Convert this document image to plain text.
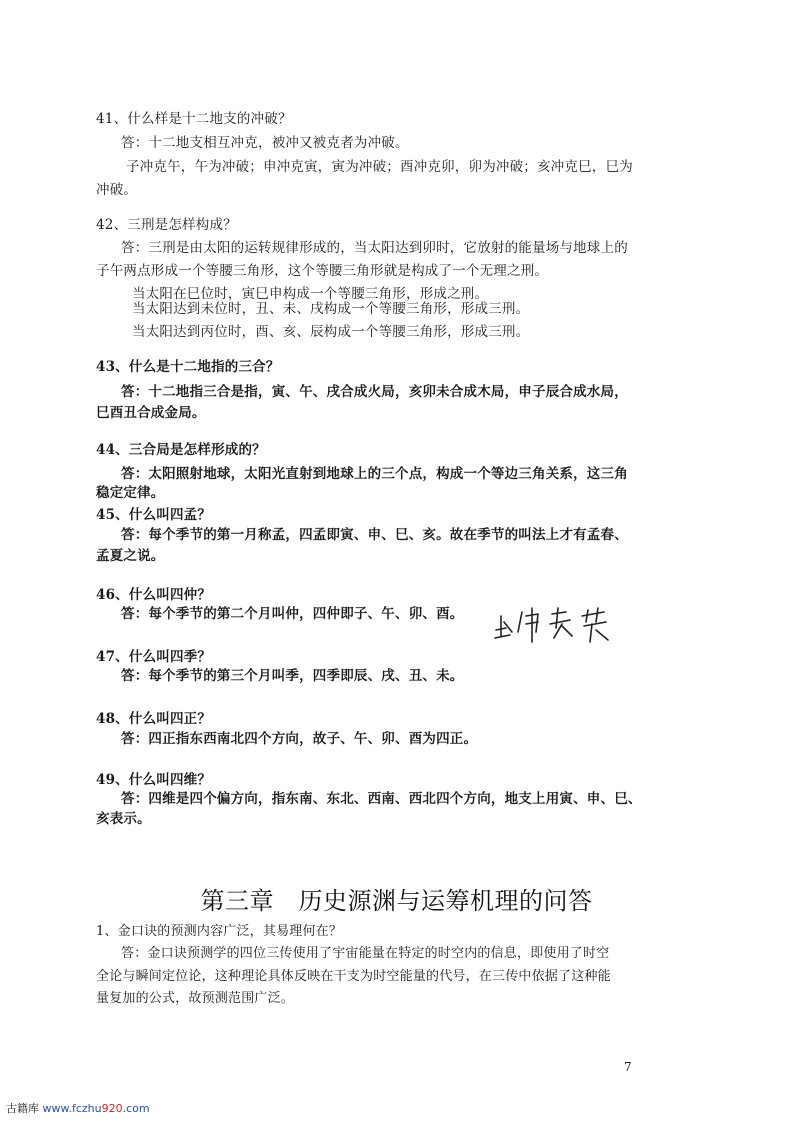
41、什么样是十二地支的冲破？
答：十二地支相互冲克，被冲又被克者为冲破。
子冲克午，午为冲破；申冲克寅，寅为冲破；酉冲克卯，卯为冲破；亥冲克巳，巳为
冲破。
42、三刑是怎样构成？
答：三刑是由太阳的运转规律形成的，当太阳达到卯时，它放射的能量场与地球上的
子午两点形成一个等腰三角形，这个等腰三角形就是构成了一个无理之刑。
当太阳在巳位时，寅巳申构成一个等腰三角形，形成之刑。
当太阳达到未位时，丑、未、戌构成一个等腰三角形，形成三刑。
当太阳达到丙位时，酉、亥、辰构成一个等腰三角形，形成三刑。
43、什么是十二地指的三合？
答：十二地指三合是指，寅、午、戌合成火局，亥卯未合成木局，申子辰合成水局，
巳酉丑合成金局。
44、三合局是怎样形成的？
答：太阳照射地球，太阳光直射到地球上的三个点，构成一个等边三角关系，这三角
稳定定律。
45、什么叫四孟？
答：每个季节的第一月称孟，四孟即寅、申、巳、亥。故在季节的叫法上才有孟春、
孟夏之说。
46、什么叫四仲？
答：每个季节的第二个月叫仲，四仲即子、午、卯、酉。
47、什么叫四季？
答：每个季节的第三个月叫季，四季即辰、戌、丑、未。
48、什么叫四正？
答：四正指东西南北四个方向，故子、午、卯、酉为四正。
49、什么叫四维？
答：四维是四个偏方向，指东南、东北、西南、西北四个方向，地支上用寅、申、巳、
亥表示。
第三章　历史源渊与运筹机理的问答
1、金口诀的预测内容广泛，其易理何在？
答：金口诀预测学的四位三传使用了宇宙能量在特定的时空内的信息，即使用了时空
全论与瞬间定位论，这种理论具体反映在干支为时空能量的代号，在三传中依据了这种能
量复加的公式，故预测范围广泛。
7
古籍库 www.fczhu920.com
